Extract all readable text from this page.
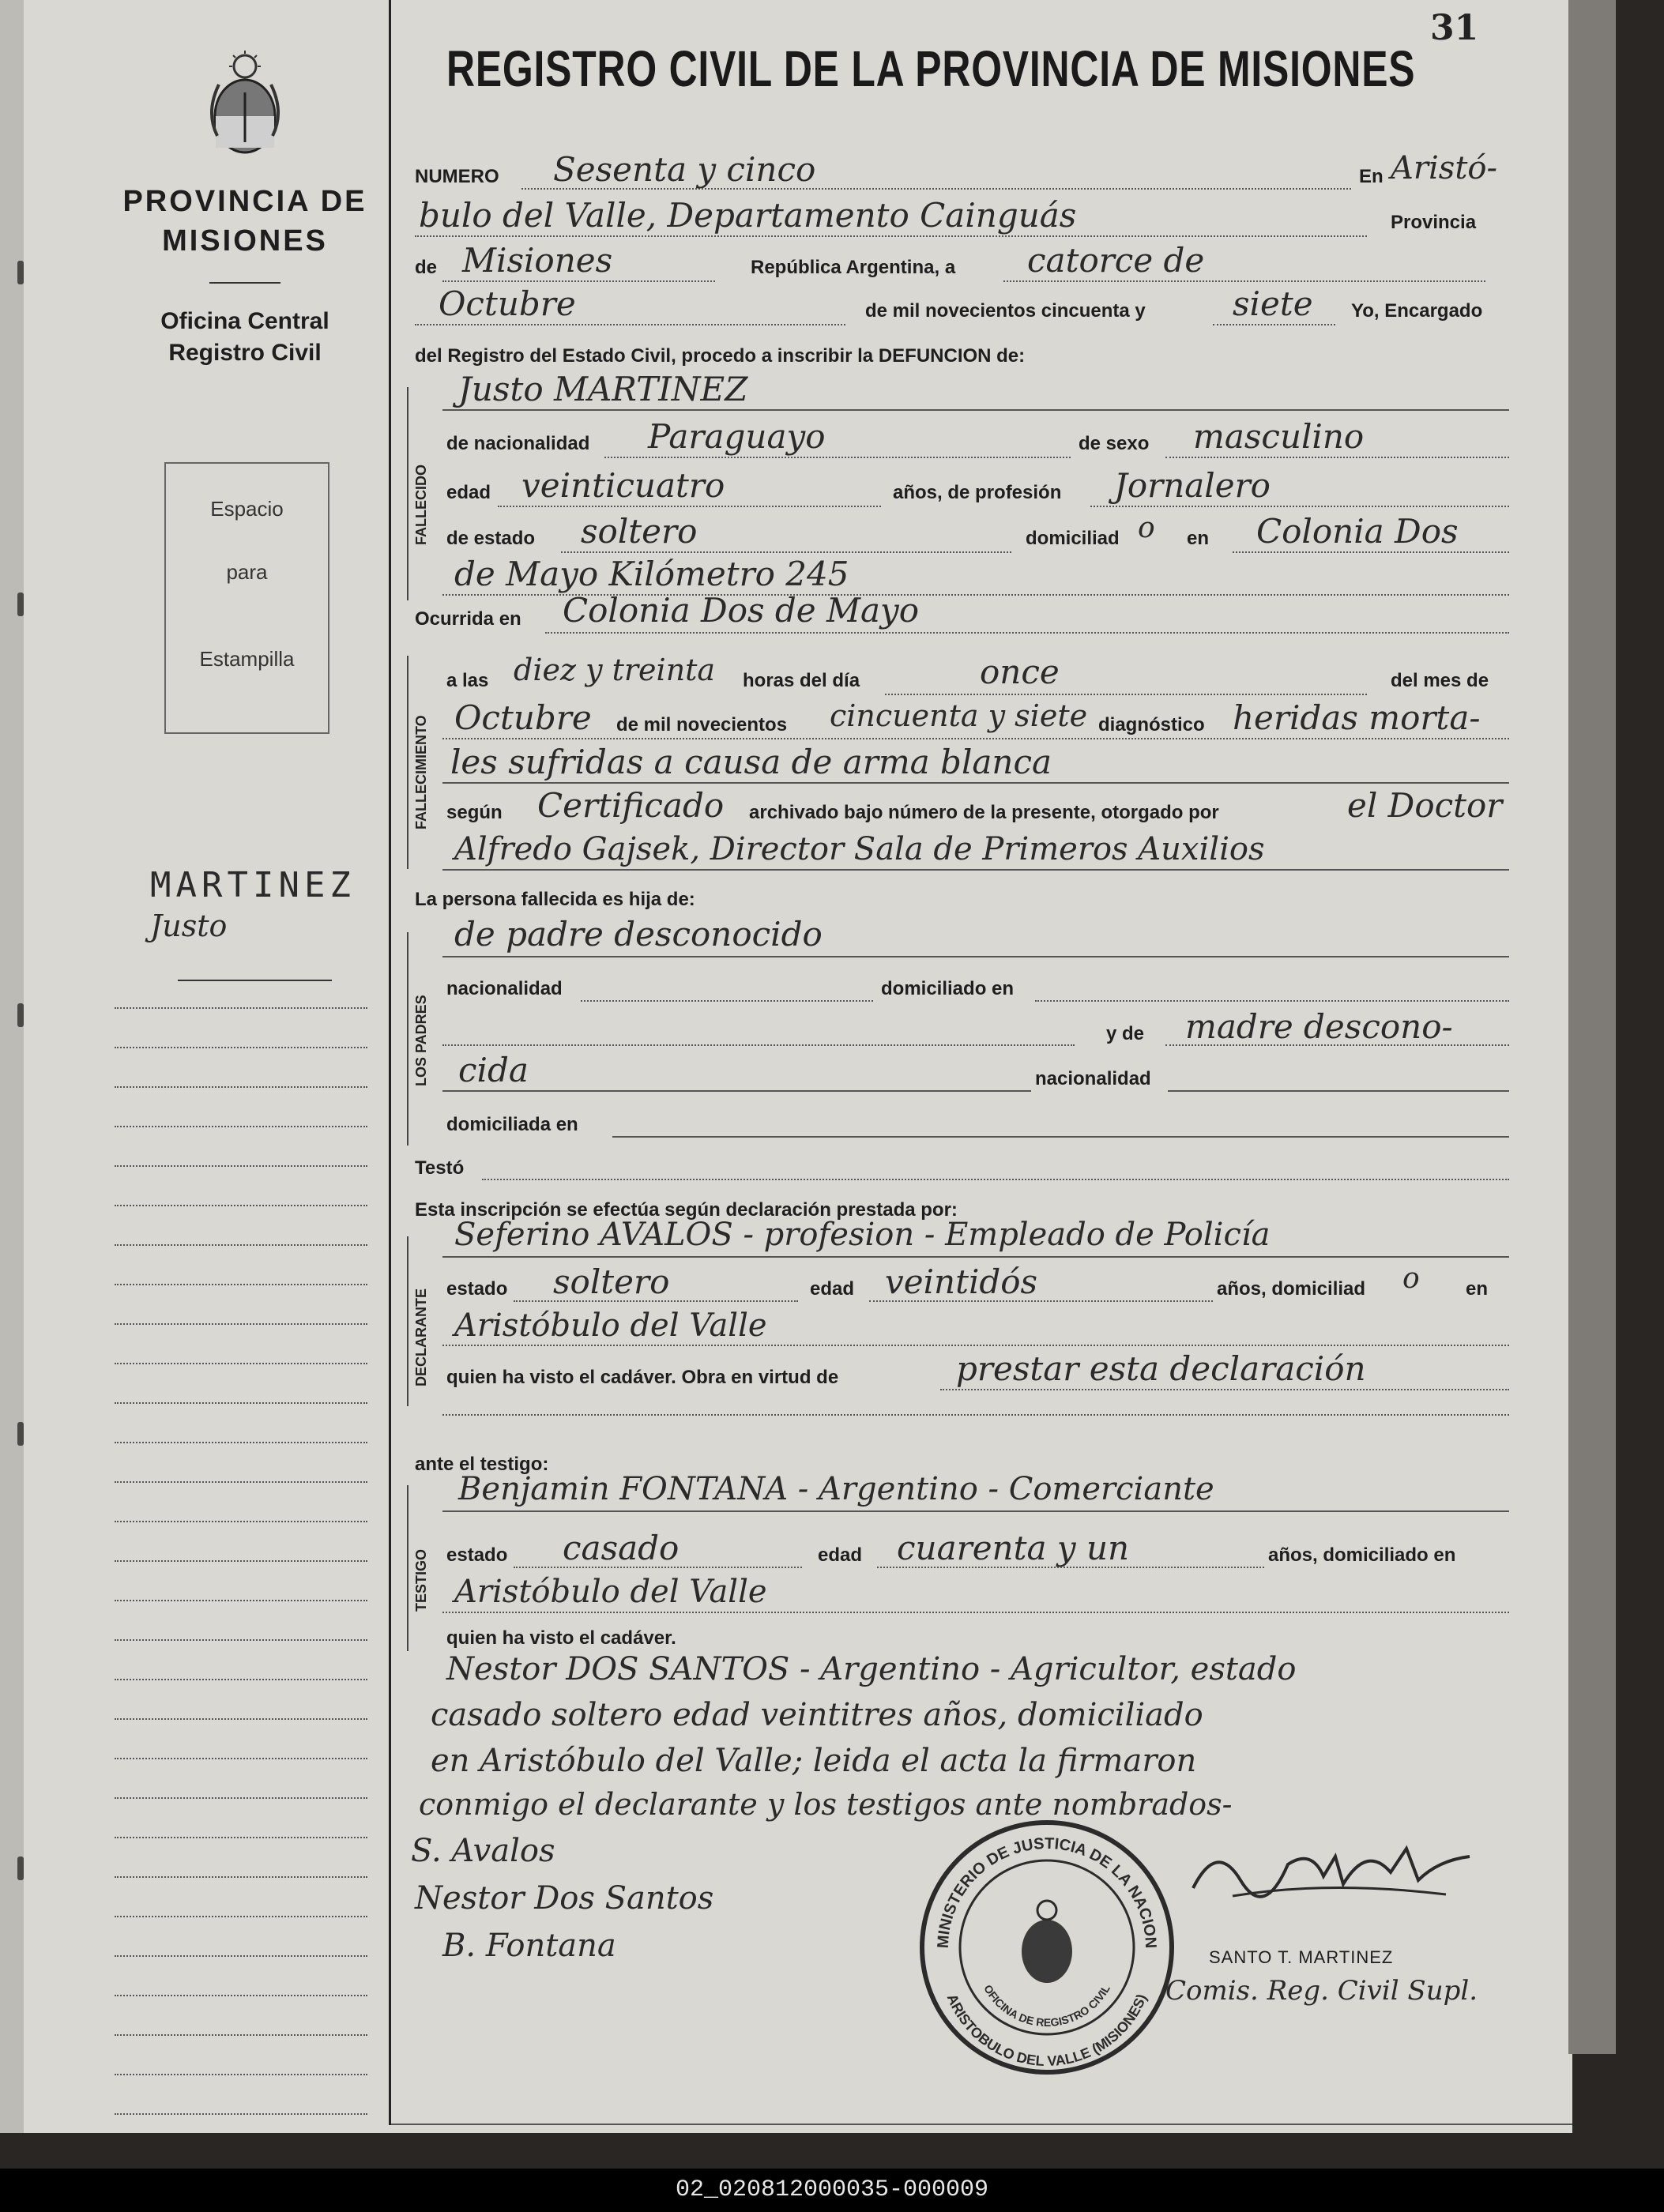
31
PROVINCIA DE MISIONES
Oficina Central
Registro Civil
Espacio
para
Estampilla
MARTINEZ
Justo
REGISTRO CIVIL DE LA PROVINCIA DE MISIONES
NUMERO Sesenta y cinco	En Aristó-
bulo del Valle, Departamento Cainguás	Provincia
de Misiones	República Argentina, a catorce de
Octubre	de mil novecientos cincuenta y	siete Yo, Encargado
del Registro del Estado Civil, procedo a inscribir la DEFUNCION de:
FALLECIDO
Justo MARTINEZ
de nacionalidad Paraguayo	de sexo masculino
edad veinticuatro	años, de profesión Jornalero
de estado soltero	domiciliad o en Colonia Dos
de Mayo Kilómetro 245
Ocurrida en Colonia Dos de Mayo
FALLECIMIENTO
a las diez y treinta horas del día	once	del mes de
Octubre de mil novecientos cincuenta y siete diagnóstico heridas morta-
les sufridas a causa de arma blanca
según Certificado archivado bajo número de la presente, otorgado por	el Doctor
Alfredo Gajsek, Director Sala de Primeros Auxilios
La persona fallecida es hija de:
LOS PADRES
de padre desconocido
nacionalidad	domiciliado en
y de madre descono-
cida	nacionalidad
domiciliada en
Testó
Esta inscripción se efectúa según declaración prestada por:
DECLARANTE
Seferino AVALOS - profesion - Empleado de Policía
estado soltero	edad veintidós	años, domiciliad o en
Aristóbulo del Valle
quien ha visto el cadáver. Obra en virtud de	prestar esta declaración
ante el testigo:
TESTIGO
Benjamin FONTANA - Argentino - Comerciante
estado casado	edad cuarenta y un	años, domiciliado en
Aristóbulo del Valle
quien ha visto el cadáver.
Nestor DOS SANTOS - Argentino - Agricultor, estado
casado soltero edad veintitres años, domiciliado
en Aristóbulo del Valle; leida el acta la firmaron
conmigo el declarante y los testigos ante nombrados-
S. Avalos
Nestor Dos Santos
B. Fontana	MINISTERIO DE JUSTICIA DE LA NACION
OFICINA DE REGISTRO CIVIL
ARISTOBULO DEL VALLE (MISIONES)
SANTO T. MARTINEZ
Comis. Reg. Civil Supl.
02_020812000035-000009
